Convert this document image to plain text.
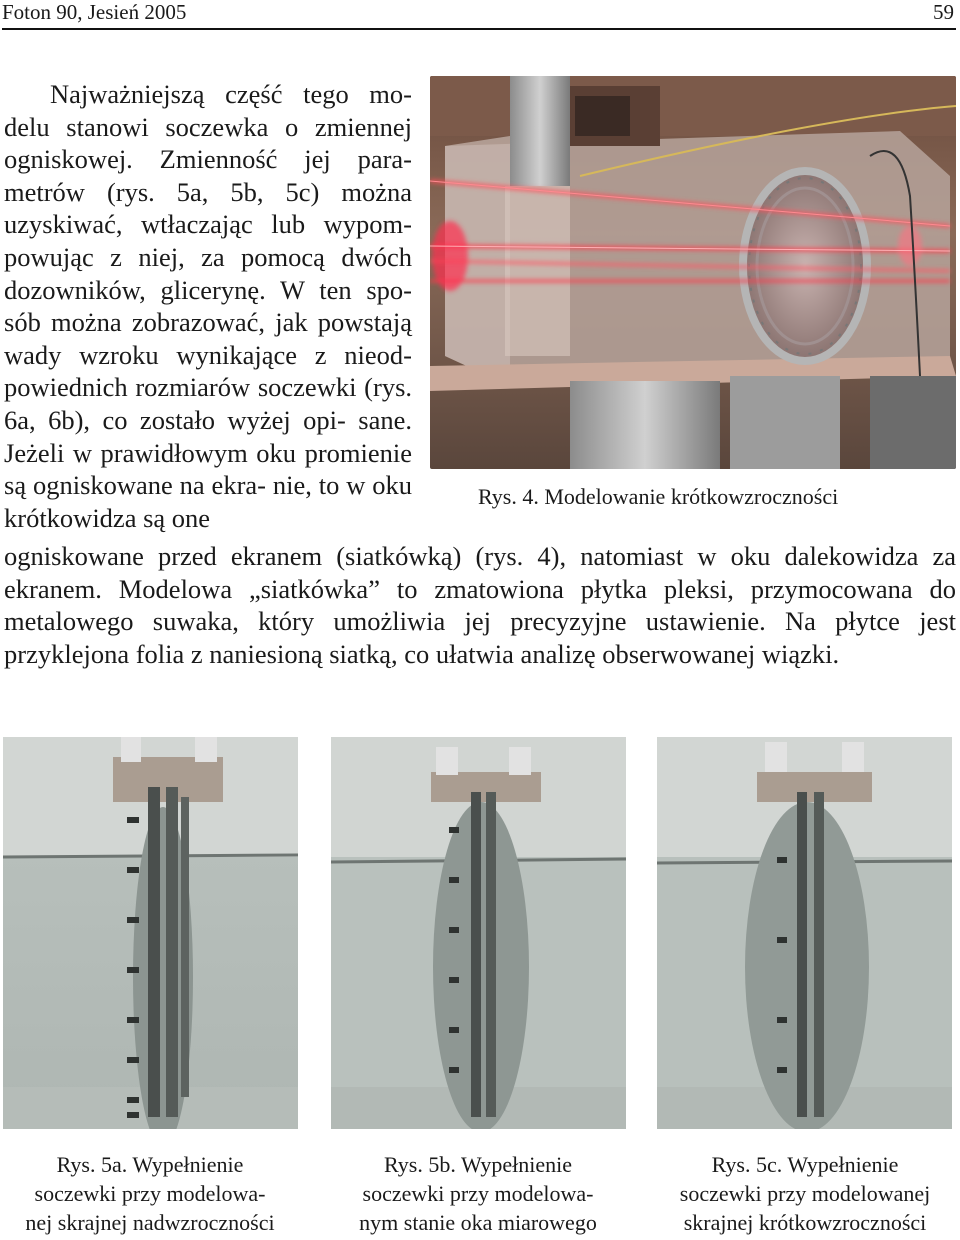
Foton 90, Jesień 2005	59
Najważniejszą część tego mo- delu stanowi soczewka o zmiennej ogniskowej. Zmienność jej para- metrów (rys. 5a, 5b, 5c) można uzyskiwać, wtłaczając lub wypom- powując z niej, za pomocą dwóch dozowników, glicerynę. W ten spo- sób można zobrazować, jak powstają wady wzroku wynikające z nieod- powiednich rozmiarów soczewki (rys. 6a, 6b), co zostało wyżej opi- sane. Jeżeli w prawidłowym oku promienie są ogniskowane na ekra- nie, to w oku krótkowidza są one
Rys. 4. Modelowanie krótkowzroczności
ogniskowane przed ekranem (siatkówką) (rys. 4), natomiast w oku dalekowidza za ekranem. Modelowa „siatkówka” to zmatowiona płytka pleksi, przymocowana do metalowego suwaka, który umożliwia jej precyzyjne ustawienie. Na płytce jest przyklejona folia z naniesioną siatką, co ułatwia analizę obserwowanej wiązki.
Rys. 5a. Wypełnienie
soczewki przy modelowa-
nej skrajnej nadwzroczności
Rys. 5b. Wypełnienie
soczewki przy modelowa-
nym stanie oka miarowego
Rys. 5c. Wypełnienie
soczewki przy modelowanej
skrajnej krótkowzroczności
